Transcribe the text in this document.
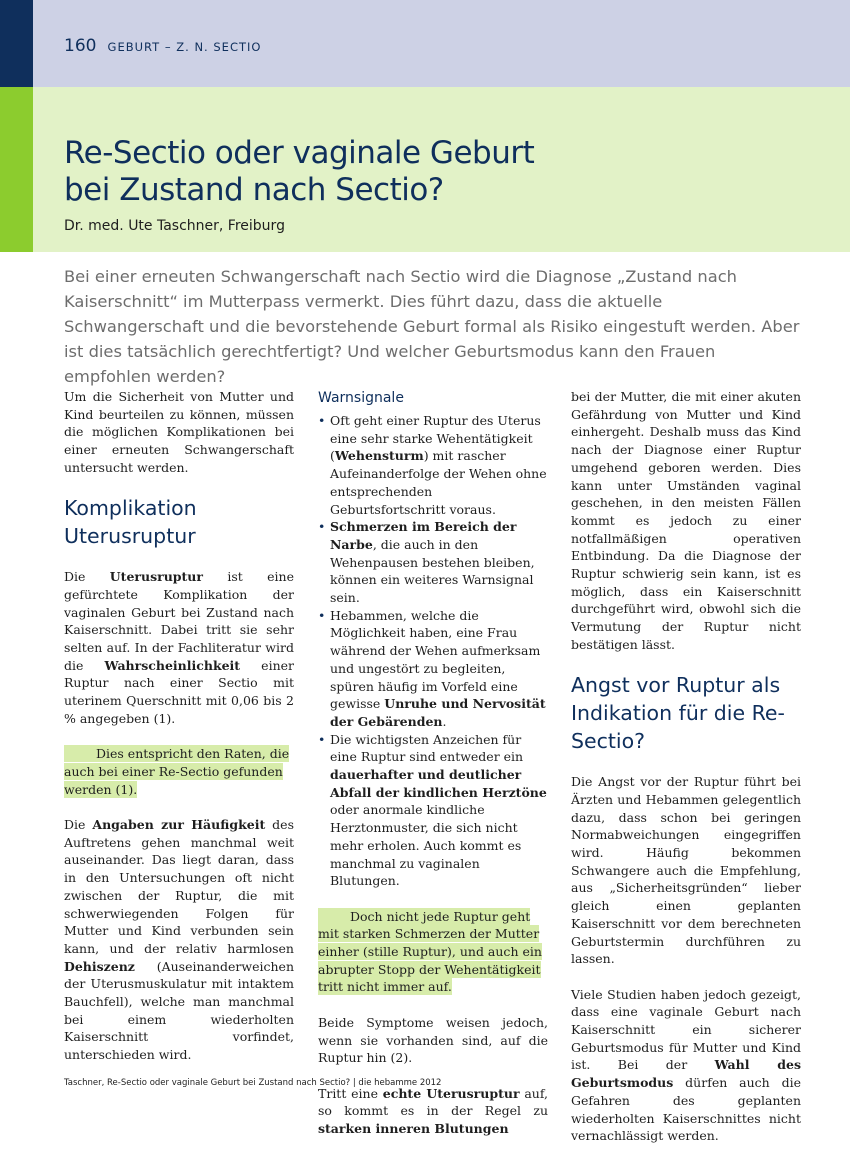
160 GEBURT – Z. N. SECTIO
Re-Sectio oder vaginale Geburt
bei Zustand nach Sectio?
Dr. med. Ute Taschner, Freiburg

Bei einer erneuten Schwangerschaft nach Sectio wird die Diagnose „Zustand nach Kaiserschnitt“ im Mutterpass vermerkt. Dies führt dazu, dass die aktuelle Schwangerschaft und die bevorstehende Geburt formal als Risiko eingestuft werden. Aber ist dies tatsächlich gerechtfertigt? Und welcher Geburtsmodus kann den Frauen empfohlen werden?

Um die Sicherheit von Mutter und Kind beurteilen zu können, müssen die möglichen Komplikationen bei einer erneuten Schwangerschaft untersucht werden.

Komplikation Uterusruptur

Die Uterusruptur ist eine gefürchtete Komplikation der vaginalen Geburt bei Zustand nach Kaiserschnitt. Dabei tritt sie sehr selten auf. In der Fachliteratur wird die Wahrscheinlichkeit einer Ruptur nach einer Sectio mit uterinem Querschnitt mit 0,06 bis 2 % angegeben (1).

Dies entspricht den Raten, die auch bei einer Re-Sectio gefunden werden (1).

Die Angaben zur Häufigkeit des Auftretens gehen manchmal weit auseinander. Das liegt daran, dass in den Untersuchungen oft nicht zwischen der Ruptur, die mit schwerwiegenden Folgen für Mutter und Kind verbunden sein kann, und der relativ harmlosen Dehiszenz (Auseinanderweichen der Uterusmuskulatur mit intaktem Bauchfell), welche man manchmal bei einem wiederholten Kaiserschnitt vorfindet, unterschieden wird.

Warnsignale
• Oft geht einer Ruptur des Uterus eine sehr starke Wehentätigkeit (Wehensturm) mit rascher Aufeinanderfolge der Wehen ohne entsprechenden Geburtsfortschritt voraus.
• Schmerzen im Bereich der Narbe, die auch in den Wehenpausen bestehen bleiben, können ein weiteres Warnsignal sein.
• Hebammen, welche die Möglichkeit haben, eine Frau während der Wehen aufmerksam und ungestört zu begleiten, spüren häufig im Vorfeld eine gewisse Unruhe und Nervosität der Gebärenden.
• Die wichtigsten Anzeichen für eine Ruptur sind entweder ein dauerhafter und deutlicher Abfall der kindlichen Herztöne oder anormale kindliche Herztonmuster, die sich nicht mehr erholen. Auch kommt es manchmal zu vaginalen Blutungen.

Doch nicht jede Ruptur geht mit starken Schmerzen der Mutter einher (stille Ruptur), und auch ein abrupter Stopp der Wehentätigkeit tritt nicht immer auf.

Beide Symptome weisen jedoch, wenn sie vorhanden sind, auf die Ruptur hin (2).

Tritt eine echte Uterusruptur auf, so kommt es in der Regel zu starken inneren Blutungen

bei der Mutter, die mit einer akuten Gefährdung von Mutter und Kind einhergeht. Deshalb muss das Kind nach der Diagnose einer Ruptur umgehend geboren werden. Dies kann unter Umständen vaginal geschehen, in den meisten Fällen kommt es jedoch zu einer notfallmäßigen operativen Entbindung. Da die Diagnose der Ruptur schwierig sein kann, ist es möglich, dass ein Kaiserschnitt durchgeführt wird, obwohl sich die Vermutung der Ruptur nicht bestätigen lässt.

Angst vor Ruptur als Indikation für die Re-Sectio?

Die Angst vor der Ruptur führt bei Ärzten und Hebammen gelegentlich dazu, dass schon bei geringen Normabweichungen eingegriffen wird. Häufig bekommen Schwangere auch die Empfehlung, aus „Sicherheitsgründen“ lieber gleich einen geplanten Kaiserschnitt vor dem berechneten Geburtstermin durchführen zu lassen.

Viele Studien haben jedoch gezeigt, dass eine vaginale Geburt nach Kaiserschnitt ein sicherer Geburtsmodus für Mutter und Kind ist. Bei der Wahl des Geburtsmodus dürfen auch die Gefahren des geplanten wiederholten Kaiserschnittes nicht vernachlässigt werden.

Taschner, Re-Sectio oder vaginale Geburt bei Zustand nach Sectio? | die hebamme 2012
